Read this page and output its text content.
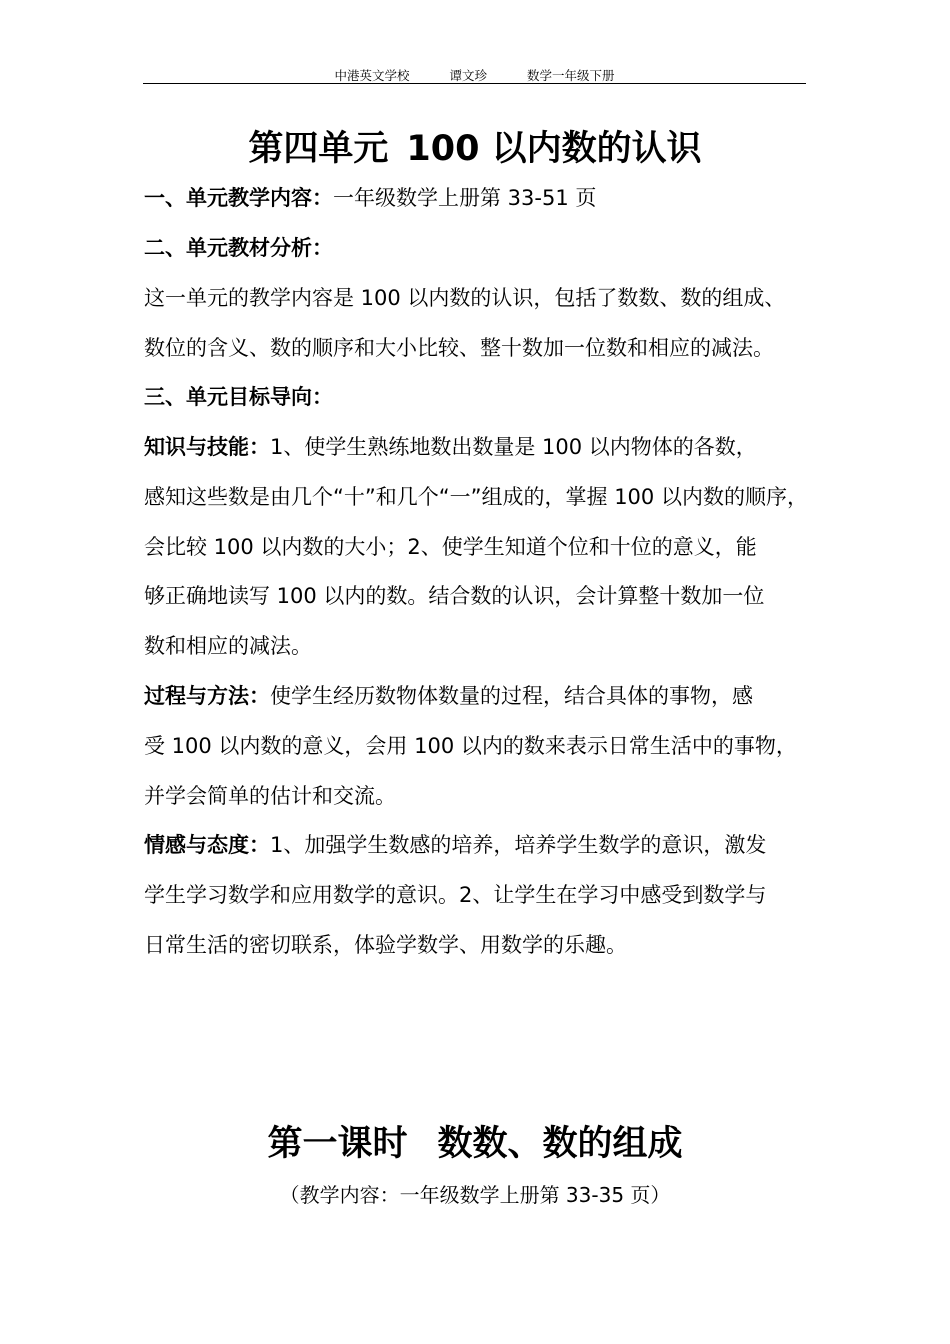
中港英文学校	谭文珍	数学一年级下册
第四单元 100 以内数的认识
一、单元教学内容：一年级数学上册第 33-51 页
二、单元教材分析：
这一单元的教学内容是 100 以内数的认识，包括了数数、数的组成、
数位的含义、数的顺序和大小比较、整十数加一位数和相应的减法。
三、单元目标导向：
知识与技能：1、使学生熟练地数出数量是 100 以内物体的各数，
感知这些数是由几个“十”和几个“一”组成的，掌握 100 以内数的顺序，
会比较 100 以内数的大小；2、使学生知道个位和十位的意义，能
够正确地读写 100 以内的数。结合数的认识，会计算整十数加一位
数和相应的减法。
过程与方法：使学生经历数物体数量的过程，结合具体的事物，感
受 100 以内数的意义，会用 100 以内的数来表示日常生活中的事物，
并学会简单的估计和交流。
情感与态度：1、加强学生数感的培养，培养学生数学的意识，激发
学生学习数学和应用数学的意识。2、让学生在学习中感受到数学与
日常生活的密切联系，体验学数学、用数学的乐趣。
第一课时 数数、数的组成
（教学内容：一年级数学上册第 33-35 页）
